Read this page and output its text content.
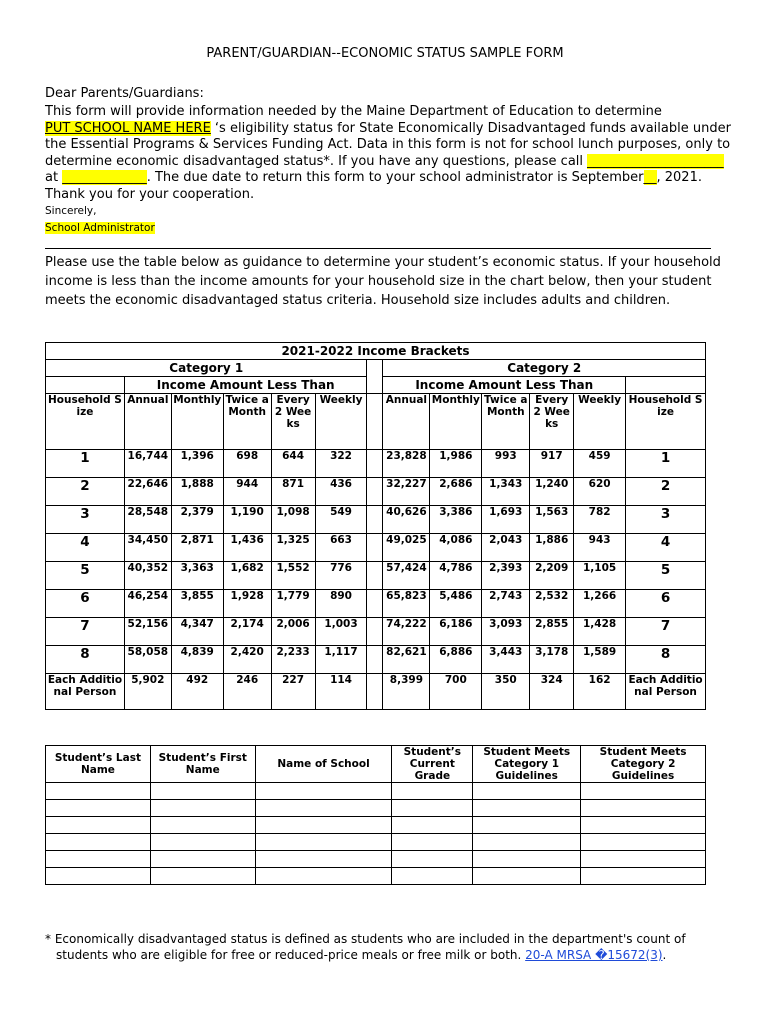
PARENT/GUARDIAN--ECONOMIC STATUS SAMPLE FORM
Dear Parents/Guardians:
This form will provide information needed by the Maine Department of Education to determine
PUT SCHOOL NAME HERE ‘s eligibility status for State Economically Disadvantaged funds available under the Essential Programs & Services Funding Act. Data in this form is not for school lunch purposes, only to determine economic disadvantaged status*. If you have any questions, please call _____________________ at _____________. The due date to return this form to your school administrator is September__, 2021. Thank you for your cooperation.
Sincerely,
School Administrator
Please use the table below as guidance to determine your student’s economic status. If your household income is less than the income amounts for your household size in the chart below, then your student meets the economic disadvantaged status criteria. Household size includes adults and children.
2021-2022 Income Brackets												
Category 1							Category 2					
	Income Amount Less Than						Income Amount Less Than					
Household Size	Annual	Monthly	Twice a Month	Every 2 Weeks	Weekly		Annual	Monthly	Twice a Month	Every 2 Weeks	Weekly	Household Size
1	16,744	1,396	698	644	322		23,828	1,986	993	917	459	1
2	22,646	1,888	944	871	436		32,227	2,686	1,343	1,240	620	2
3	28,548	2,379	1,190	1,098	549		40,626	3,386	1,693	1,563	782	3
4	34,450	2,871	1,436	1,325	663		49,025	4,086	2,043	1,886	943	4
5	40,352	3,363	1,682	1,552	776		57,424	4,786	2,393	2,209	1,105	5
6	46,254	3,855	1,928	1,779	890		65,823	5,486	2,743	2,532	1,266	6
7	52,156	4,347	2,174	2,006	1,003		74,222	6,186	3,093	2,855	1,428	7
8	58,058	4,839	2,420	2,233	1,117		82,621	6,886	3,443	3,178	1,589	8
Each Additional Person	5,902	492	246	227	114		8,399	700	350	324	162	Each Additional Person
Student’s Last Name	Student’s First Name	Name of School	Student’s Current Grade	Student Meets Category 1 Guidelines	Student Meets Category 2 Guidelines

* Economically disadvantaged status is defined as students who are included in the department's count of
students who are eligible for free or reduced-price meals or free milk or both. 20-A MRSA �15672(3).
